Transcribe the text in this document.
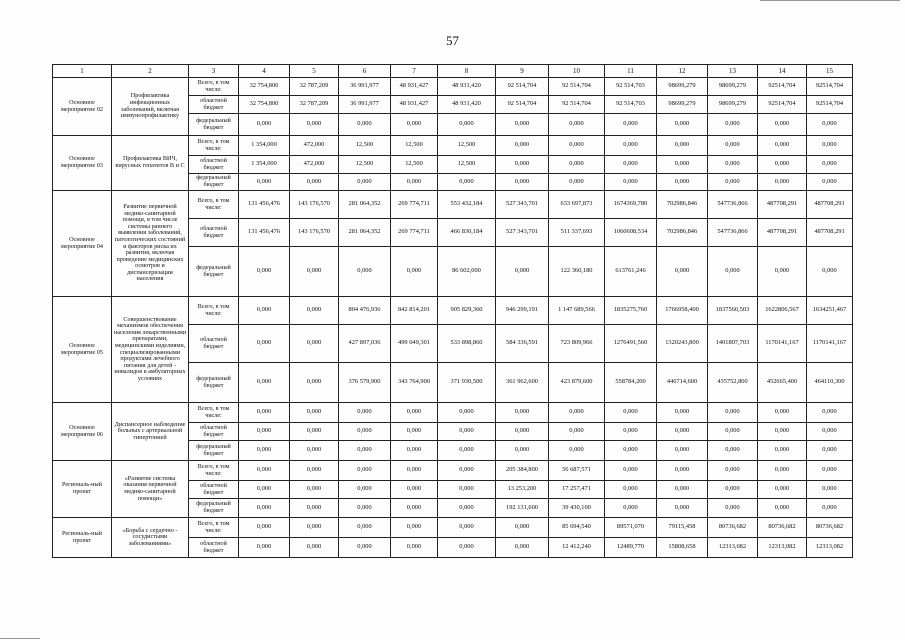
57
1	2	3	4	5	6	7	8	9	10	11	12	13	14	15
Основное мероприятие 02	Профилактика инфекционных заболеваний, включая иммунопрофилактику	Всего, в том числе:	32 754,800	32 787,209	36 991,977	48 931,427	48 931,420	92 514,704	92 514,704	92 514,703	98699,279	98699,279	92514,704	92514,704
		областной бюджет	32 754,800	32 787,209	36 991,977	48 931,427	48 931,420	92 514,704	92 514,704	92 514,703	98699,279	98699,279	92514,704	92514,704
		федеральный бюджет	0,000	0,000	0,000	0,000	0,000	0,000	0,000	0,000	0,000	0,000	0,000	0,000
Основное мероприятие 03	Профилактика ВИЧ, вирусных гепатитов В и С	Всего, в том числе:	1 354,000	472,000	12,500	12,500	12,500	0,000	0,000	0,000	0,000	0,000	0,000	0,000
		областной бюджет	1 354,000	472,000	12,500	12,500	12,500	0,000	0,000	0,000	0,000	0,000	0,000	0,000
		федеральный бюджет	0,000	0,000	0,000	0,000	0,000	0,000	0,000	0,000	0,000	0,000	0,000	0,000
Основное мероприятие 04	Развитие первичной медико-санитарной помощи, в том числе системы раннего выявления заболеваний, патологических состояний и факторов риска их развития, включая проведение медицинских осмотров и диспансеризации населения	Всего, в том числе:	131 456,476	143 176,570	281 064,352	269 774,711	553 432,184	527 343,701	633 697,873	1674369,780	702986,846	547736,866	487708,291	487708,291
		областной бюджет	131 456,476	143 176,570	281 064,352	269 774,711	466 830,184	527 343,701	511 337,693	1060608,534	702986,846	547736,866	487708,291	487708,291
		федеральный бюджет	0,000	0,000	0,000	0,000	86 602,000	0,000	122 360,180	613761,246	0,000	0,000	0,000	0,000
Основное мероприятие 05	Совершенствование механизмов обеспечения населения лекарственными препаратами, медицинскими изделиями, специализированными продуктами лечебного питания для детей - инвалидов в амбулаторных условиях	Всего, в том числе:	0,000	0,000	804 476,936	842 814,201	905 829,360	946 299,191	1 147 689,566	1835275,760	1766958,400	1837560,503	1622806,567	1634251,467
		областной бюджет	0,000	0,000	427 897,036	499 049,301	533 898,860	584 336,591	723 809,966	1276491,560	1320243,800	1401807,703	1170141,167	1170141,167
		федеральный бюджет	0,000	0,000	376 579,900	343 764,900	371 930,500	361 962,600	423 879,600	558784,200	446714,600	435752,800	452665,400	464110,300
Основное мероприятие 06	Диспансерное наблюдение больных с артериальной гипертонией	Всего, в том числе:	0,000	0,000	0,000	0,000	0,000	0,000	0,000	0,000	0,000	0,000	0,000	0,000
		областной бюджет	0,000	0,000	0,000	0,000	0,000	0,000	0,000	0,000	0,000	0,000	0,000	0,000
		федеральный бюджет	0,000	0,000	0,000	0,000	0,000	0,000	0,000	0,000	0,000	0,000	0,000	0,000
Региональ-ный проект	«Развитие системы оказания первичной медико-санитарной помощи»	Всего, в том числе:	0,000	0,000	0,000	0,000	0,000	205 384,800	56 687,571	0,000	0,000	0,000	0,000	0,000
		областной бюджет	0,000	0,000	0,000	0,000	0,000	13 253,200	17 257,471	0,000	0,000	0,000	0,000	0,000
		федеральный бюджет	0,000	0,000	0,000	0,000	0,000	192 131,600	39 430,100	0,000	0,000	0,000	0,000	0,000
Региональ-ный проект	«Борьба с сердечно - сосудистыми заболеваниями»	Всего, в том числе:	0,000	0,000	0,000	0,000	0,000	0,000	85 694,540	89571,070	79115,458	80736,682	80736,682	80736,682
		областной бюджет	0,000	0,000	0,000	0,000	0,000	0,000	12 412,240	12489,770	15808,658	12313,082	12313,082	12313,082
